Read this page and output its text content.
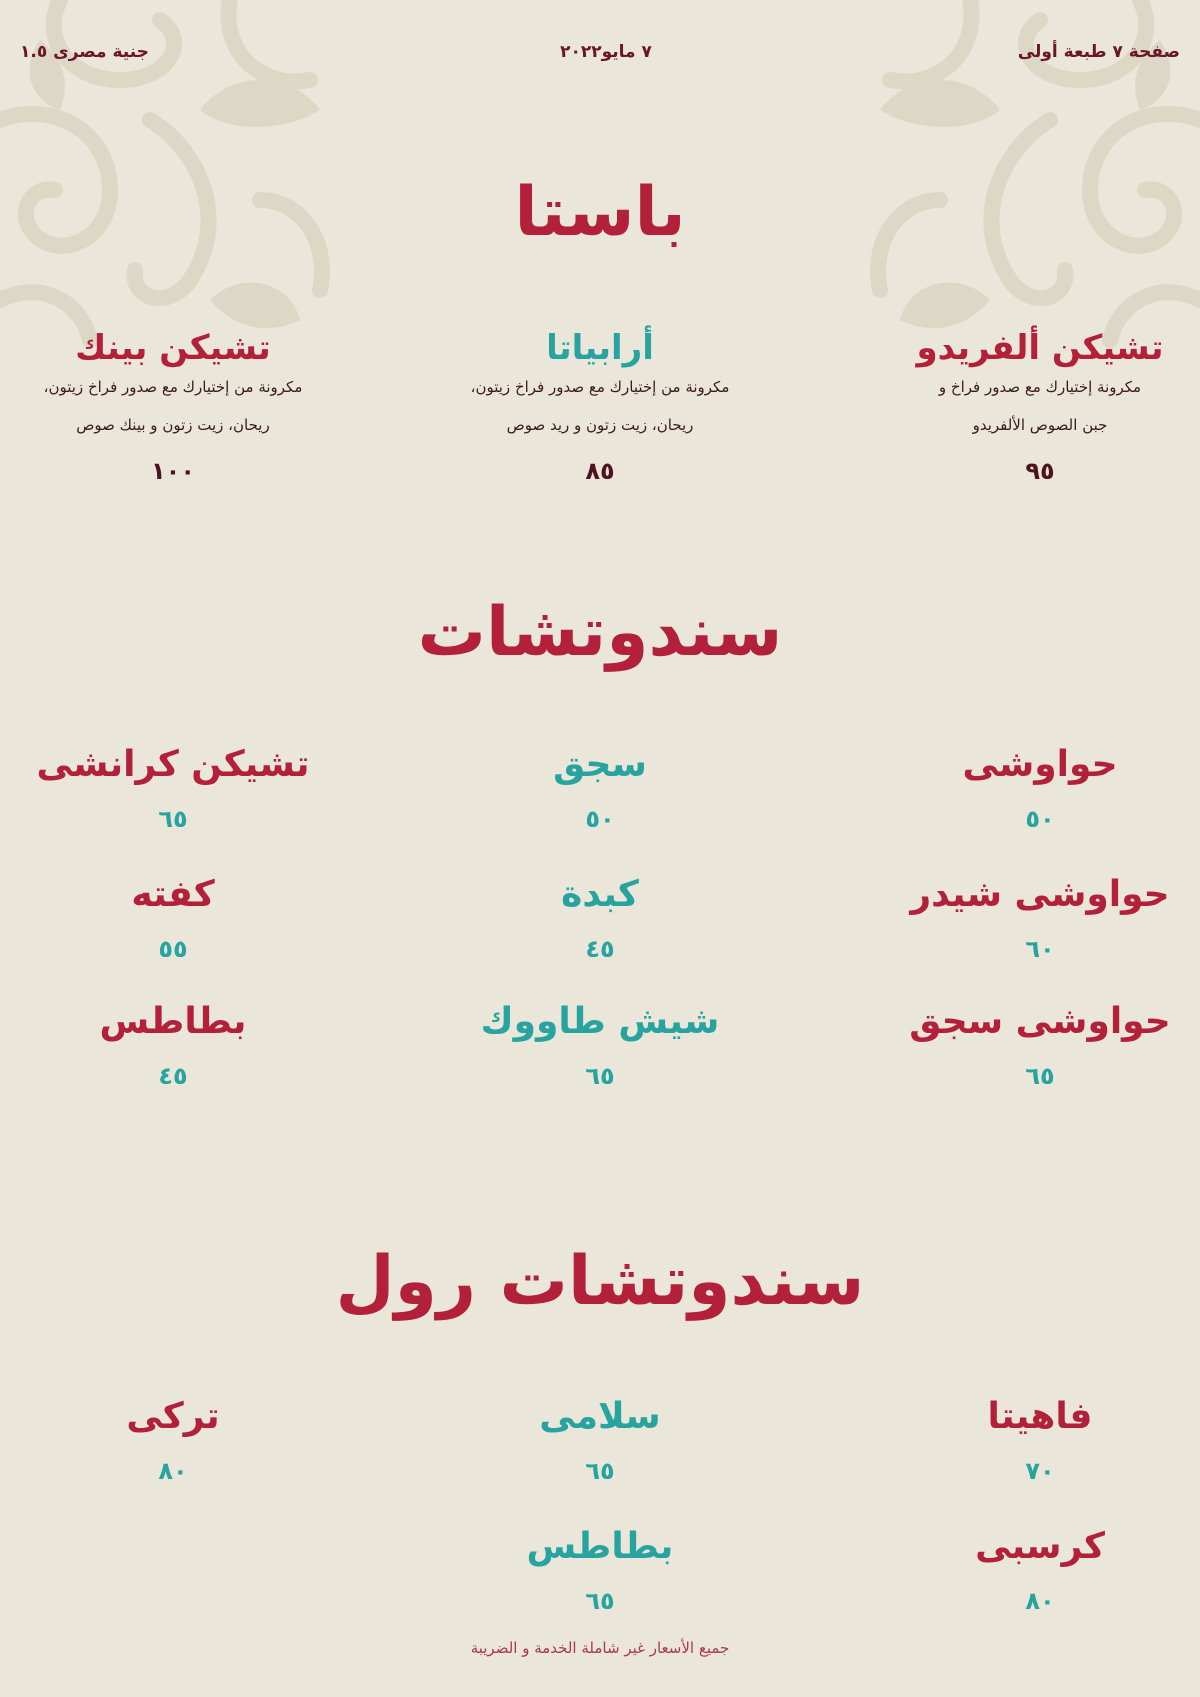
صفحة ٧ طبعة أولى
٧ مايو٢٠٢٢
جنية مصرى ١.٥
باستا
تشيكن ألفريدو
مكرونة إختيارك مع صدور فراخ و
جبن الصوص الألفريدو
٩٥
أرابياتا
مكرونة من إختيارك مع صدور فراخ زيتون،
ريحان، زيت زتون و ريد صوص
٨٥
تشيكن بينك
مكرونة من إختيارك مع صدور فراخ زيتون،
ريحان، زيت زتون و بينك صوص
١٠٠
سندوتشات
حواوشى
٥٠
حواوشى شيدر
٦٠
حواوشى سجق
٦٥
سجق
٥٠
كبدة
٤٥
شيش طاووك
٦٥
تشيكن كرانشى
٦٥
كفته
٥٥
بطاطس
٤٥
سندوتشات رول
فاهيتا
٧٠
كرسبى
٨٠
سلامى
٦٥
بطاطس
٦٥
تركى
٨٠
جميع الأسعار غير شاملة الخدمة و الضريبة
